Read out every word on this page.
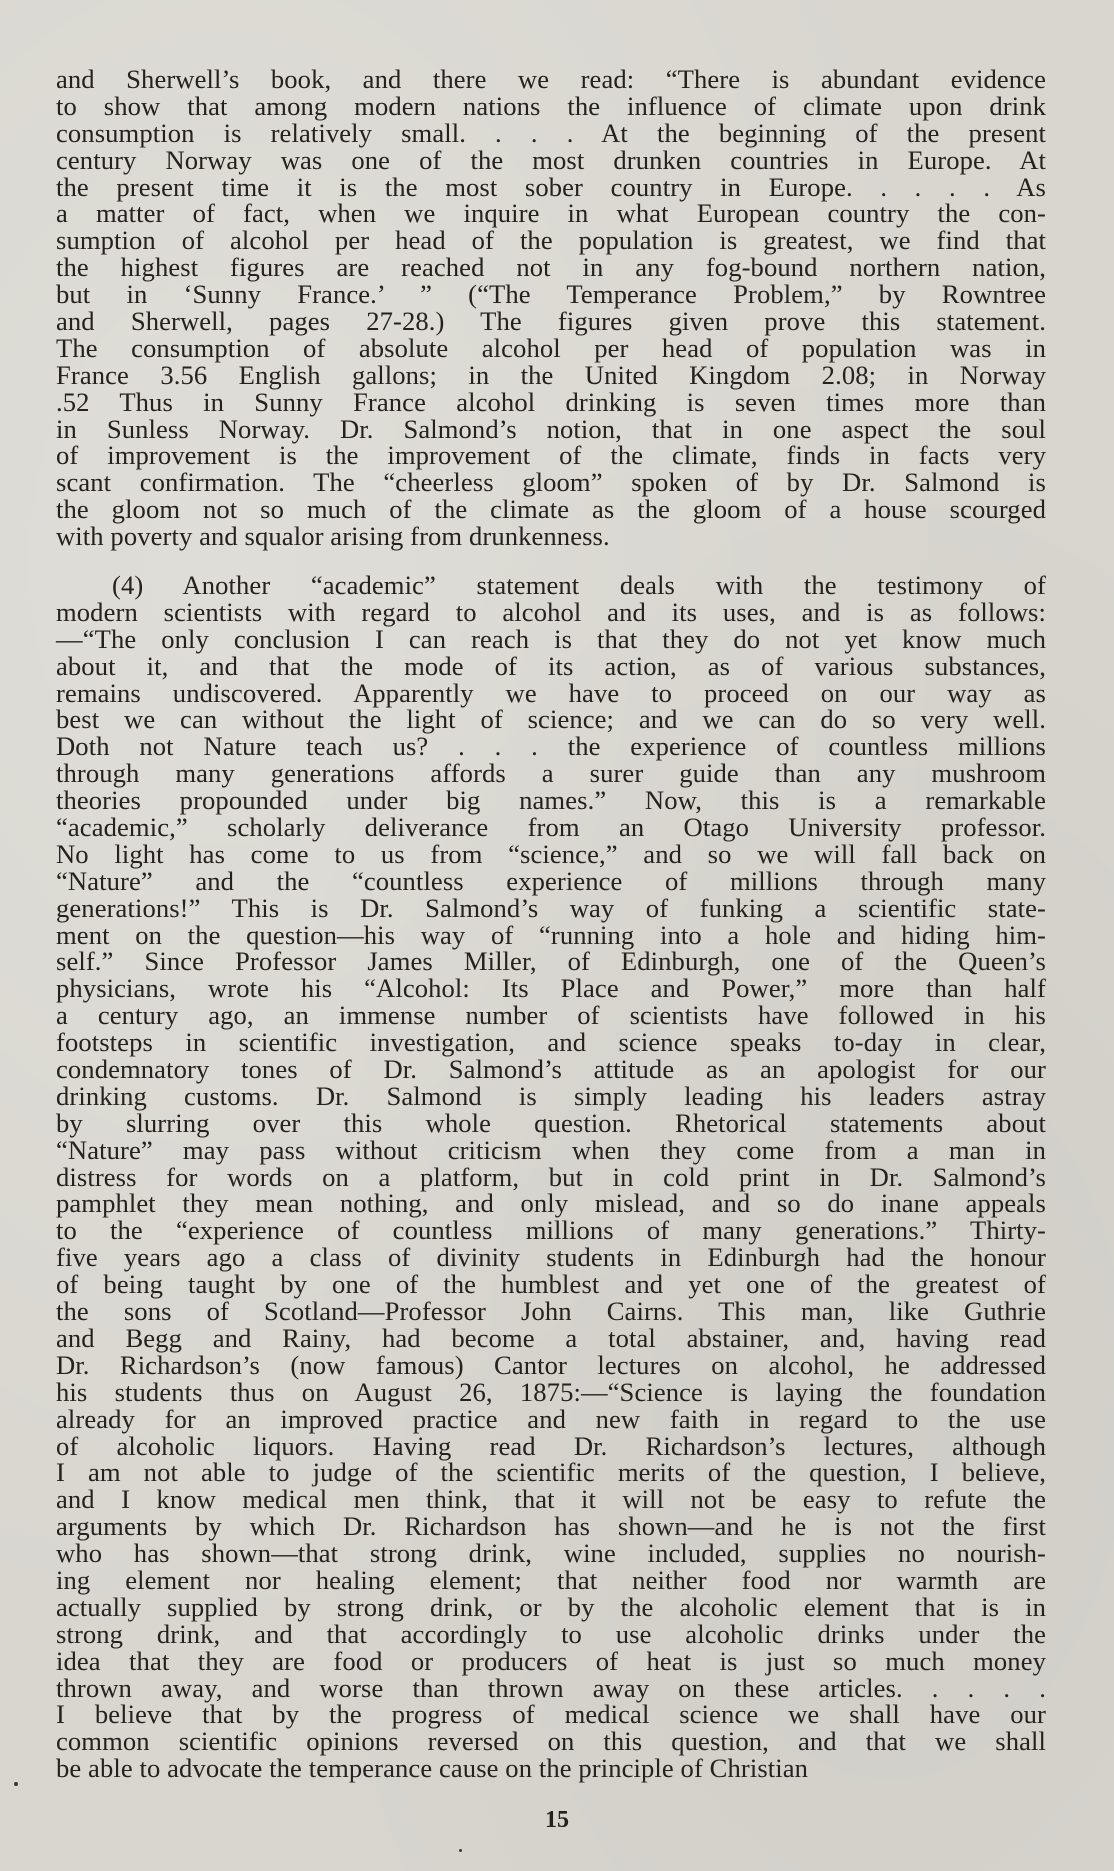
and Sherwell’s book, and there we read: “There is abundant evidence
to show that among modern nations the influence of climate upon drink
consumption is relatively small. . . . At the beginning of the present
century Norway was one of the most drunken countries in Europe. At
the present time it is the most sober country in Europe. . . . . As
a matter of fact, when we inquire in what European country the con-
sumption of alcohol per head of the population is greatest, we find that
the highest figures are reached not in any fog-bound northern nation,
but in ‘Sunny France.’ ” (“The Temperance Problem,” by Rowntree
and Sherwell, pages 27-28.) The figures given prove this statement.
The consumption of absolute alcohol per head of population was in
France 3.56 English gallons; in the United Kingdom 2.08; in Norway
.52 Thus in Sunny France alcohol drinking is seven times more than
in Sunless Norway. Dr. Salmond’s notion, that in one aspect the soul
of improvement is the improvement of the climate, finds in facts very
scant confirmation. The “cheerless gloom” spoken of by Dr. Salmond is
the gloom not so much of the climate as the gloom of a house scourged
with poverty and squalor arising from drunkenness.
(4) Another “academic” statement deals with the testimony of
modern scientists with regard to alcohol and its uses, and is as follows:
—“The only conclusion I can reach is that they do not yet know much
about it, and that the mode of its action, as of various substances,
remains undiscovered. Apparently we have to proceed on our way as
best we can without the light of science; and we can do so very well.
Doth not Nature teach us? . . . the experience of countless millions
through many generations affords a surer guide than any mushroom
theories propounded under big names.” Now, this is a remarkable
“academic,” scholarly deliverance from an Otago University professor.
No light has come to us from “science,” and so we will fall back on
“Nature” and the “countless experience of millions through many
generations!” This is Dr. Salmond’s way of funking a scientific state-
ment on the question—his way of “running into a hole and hiding him-
self.” Since Professor James Miller, of Edinburgh, one of the Queen’s
physicians, wrote his “Alcohol: Its Place and Power,” more than half
a century ago, an immense number of scientists have followed in his
footsteps in scientific investigation, and science speaks to-day in clear,
condemnatory tones of Dr. Salmond’s attitude as an apologist for our
drinking customs. Dr. Salmond is simply leading his leaders astray
by slurring over this whole question. Rhetorical statements about
“Nature” may pass without criticism when they come from a man in
distress for words on a platform, but in cold print in Dr. Salmond’s
pamphlet they mean nothing, and only mislead, and so do inane appeals
to the “experience of countless millions of many generations.” Thirty-
five years ago a class of divinity students in Edinburgh had the honour
of being taught by one of the humblest and yet one of the greatest of
the sons of Scotland—Professor John Cairns. This man, like Guthrie
and Begg and Rainy, had become a total abstainer, and, having read
Dr. Richardson’s (now famous) Cantor lectures on alcohol, he addressed
his students thus on August 26, 1875:—“Science is laying the foundation
already for an improved practice and new faith in regard to the use
of alcoholic liquors. Having read Dr. Richardson’s lectures, although
I am not able to judge of the scientific merits of the question, I believe,
and I know medical men think, that it will not be easy to refute the
arguments by which Dr. Richardson has shown—and he is not the first
who has shown—that strong drink, wine included, supplies no nourish-
ing element nor healing element; that neither food nor warmth are
actually supplied by strong drink, or by the alcoholic element that is in
strong drink, and that accordingly to use alcoholic drinks under the
idea that they are food or producers of heat is just so much money
thrown away, and worse than thrown away on these articles. . . . .
I believe that by the progress of medical science we shall have our
common scientific opinions reversed on this question, and that we shall
be able to advocate the temperance cause on the principle of Christian
15
